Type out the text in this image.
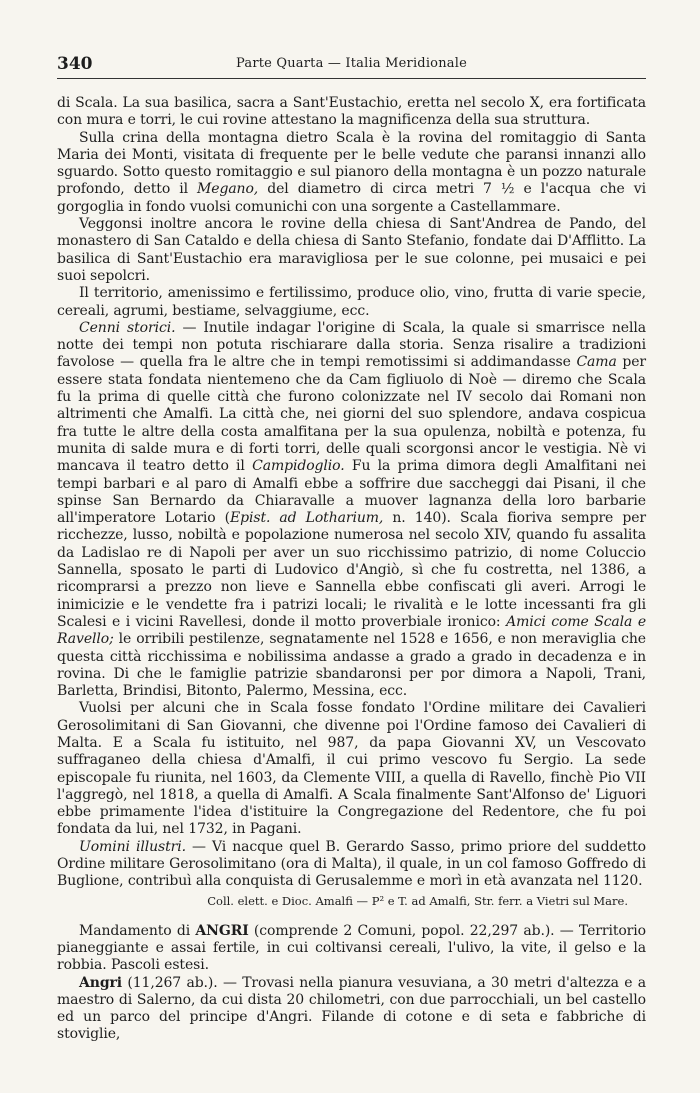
340	Parte Quarta — Italia Meridionale

di Scala. La sua basilica, sacra a Sant'Eustachio, eretta nel secolo X, era fortificata con mura e torri, le cui rovine attestano la magnificenza della sua struttura.

Sulla crina della montagna dietro Scala è la rovina del romitaggio di Santa Maria dei Monti, visitata di frequente per le belle vedute che paransi innanzi allo sguardo. Sotto questo romitaggio e sul pianoro della montagna è un pozzo naturale profondo, detto il Megano, del diametro di circa metri 7 ½ e l'acqua che vi gorgoglia in fondo vuolsi comunichi con una sorgente a Castellammare.

Veggonsi inoltre ancora le rovine della chiesa di Sant'Andrea de Pando, del monastero di San Cataldo e della chiesa di Santo Stefanio, fondate dai D'Afflitto. La basilica di Sant'Eustachio era maravigliosa per le sue colonne, pei musaici e pei suoi sepolcri.

Il territorio, amenissimo e fertilissimo, produce olio, vino, frutta di varie specie, cereali, agrumi, bestiame, selvaggiume, ecc.

Cenni storici. — Inutile indagar l'origine di Scala, la quale si smarrisce nella notte dei tempi non potuta rischiarare dalla storia. Senza risalire a tradizioni favolose — quella fra le altre che in tempi remotissimi si addimandasse Cama per essere stata fondata nientemeno che da Cam figliuolo di Noè — diremo che Scala fu la prima di quelle città che furono colonizzate nel IV secolo dai Romani non altrimenti che Amalfi. La città che, nei giorni del suo splendore, andava cospicua fra tutte le altre della costa amalfitana per la sua opulenza, nobiltà e potenza, fu munita di salde mura e di forti torri, delle quali scorgonsi ancor le vestigia. Nè vi mancava il teatro detto il Campidoglio. Fu la prima dimora degli Amalfitani nei tempi barbari e al paro di Amalfi ebbe a soffrire due saccheggi dai Pisani, il che spinse San Bernardo da Chiaravalle a muover lagnanza della loro barbarie all'imperatore Lotario (Epist. ad Lotharium, n. 140). Scala fioriva sempre per ricchezze, lusso, nobiltà e popolazione numerosa nel secolo XIV, quando fu assalita da Ladislao re di Napoli per aver un suo ricchissimo patrizio, di nome Coluccio Sannella, sposato le parti di Ludovico d'Angiò, sì che fu costretta, nel 1386, a ricomprarsi a prezzo non lieve e Sannella ebbe confiscati gli averi. Arrogi le inimicizie e le vendette fra i patrizi locali; le rivalità e le lotte incessanti fra gli Scalesi e i vicini Ravellesi, donde il motto proverbiale ironico: Amici come Scala e Ravello; le orribili pestilenze, segnatamente nel 1528 e 1656, e non meraviglia che questa città ricchissima e nobilissima andasse a grado a grado in decadenza e in rovina. Di che le famiglie patrizie sbandaronsi per por dimora a Napoli, Trani, Barletta, Brindisi, Bitonto, Palermo, Messina, ecc.

Vuolsi per alcuni che in Scala fosse fondato l'Ordine militare dei Cavalieri Gerosolimitani di San Giovanni, che divenne poi l'Ordine famoso dei Cavalieri di Malta. E a Scala fu istituito, nel 987, da papa Giovanni XV, un Vescovato suffraganeo della chiesa d'Amalfi, il cui primo vescovo fu Sergio. La sede episcopale fu riunita, nel 1603, da Clemente VIII, a quella di Ravello, finchè Pio VII l'aggregò, nel 1818, a quella di Amalfi. A Scala finalmente Sant'Alfonso de' Liguori ebbe primamente l'idea d'istituire la Congregazione del Redentore, che fu poi fondata da lui, nel 1732, in Pagani.

Uomini illustri. — Vi nacque quel B. Gerardo Sasso, primo priore del suddetto Ordine militare Gerosolimitano (ora di Malta), il quale, in un col famoso Goffredo di Buglione, contribuì alla conquista di Gerusalemme e morì in età avanzata nel 1120.

Coll. elett. e Dioc. Amalfi — P² e T. ad Amalfi, Str. ferr. a Vietri sul Mare.

Mandamento di ANGRI (comprende 2 Comuni, popol. 22,297 ab.). — Territorio pianeggiante e assai fertile, in cui coltivansi cereali, l'ulivo, la vite, il gelso e la robbia. Pascoli estesi.

Angri (11,267 ab.). — Trovasi nella pianura vesuviana, a 30 metri d'altezza e a maestro di Salerno, da cui dista 20 chilometri, con due parrocchiali, un bel castello ed un parco del principe d'Angri. Filande di cotone e di seta e fabbriche di stoviglie,
